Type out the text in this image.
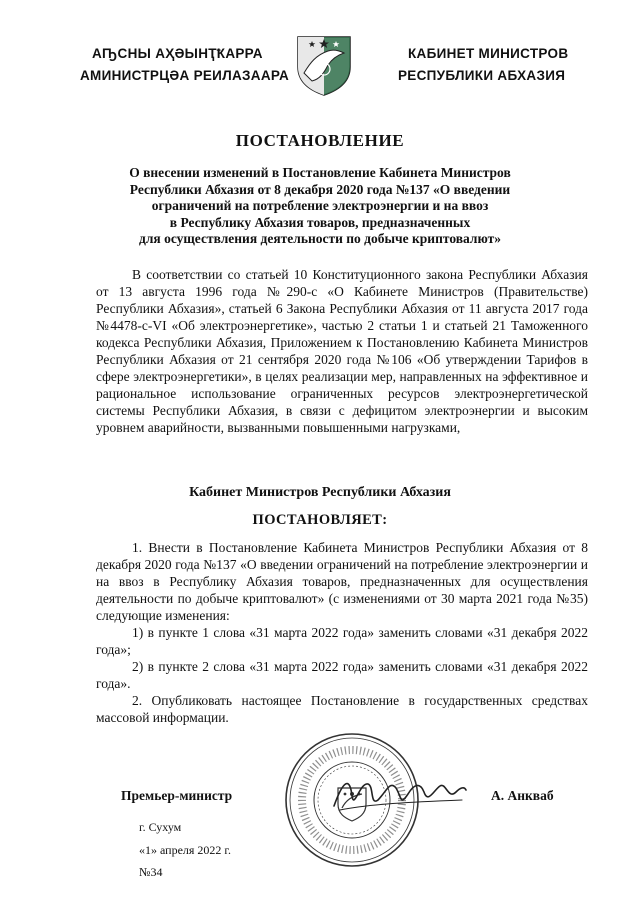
АҦСНЫ АҲӘЫНҬҞАРРА
АМИНИСТРЦӘА РЕИЛАЗААРА
КАБИНЕТ МИНИСТРОВ
РЕСПУБЛИКИ АБХАЗИЯ
ПОСТАНОВЛЕНИЕ
О внесении изменений в Постановление Кабинета Министров
Республики Абхазия от 8 декабря 2020 года №137 «О введении
ограничений на потребление электроэнергии и на ввоз
в Республику Абхазия товаров, предназначенных
для осуществления деятельности по добыче криптовалют»

В соответствии со статьей 10 Конституционного закона Республики Абхазия от 13 августа 1996 года №290-с «О Кабинете Министров (Правительстве) Республики Абхазия», статьей 6 Закона Республики Абхазия от 11 августа 2017 года №4478-с-VI «Об электроэнергетике», частью 2 статьи 1 и статьей 21 Таможенного кодекса Республики Абхазия, Приложением к Постановлению Кабинета Министров Республики Абхазия от 21 сентября 2020 года №106 «Об утверждении Тарифов в сфере электроэнергетики», в целях реализации мер, направленных на эффективное и рациональное использование ограниченных ресурсов электроэнергетической системы Республики Абхазия, в связи с дефицитом электроэнергии и высоким уровнем аварийности, вызванными повышенными нагрузками,

Кабинет Министров Республики Абхазия
ПОСТАНОВЛЯЕТ:

1. Внести в Постановление Кабинета Министров Республики Абхазия от 8 декабря 2020 года №137 «О введении ограничений на потребление электроэнергии и на ввоз в Республику Абхазия товаров, предназначенных для осуществления деятельности по добыче криптовалют» (с изменениями от 30 марта 2021 года №35) следующие изменения:

1) в пункте 1 слова «31 марта 2022 года» заменить словами «31 декабря 2022 года»;

2) в пункте 2 слова «31 марта 2022 года» заменить словами «31 декабря 2022 года».

2. Опубликовать настоящее Постановление в государственных средствах массовой информации.

Премьер-министр	А. Анкваб
г. Сухум
«1» апреля 2022 г.
№34
